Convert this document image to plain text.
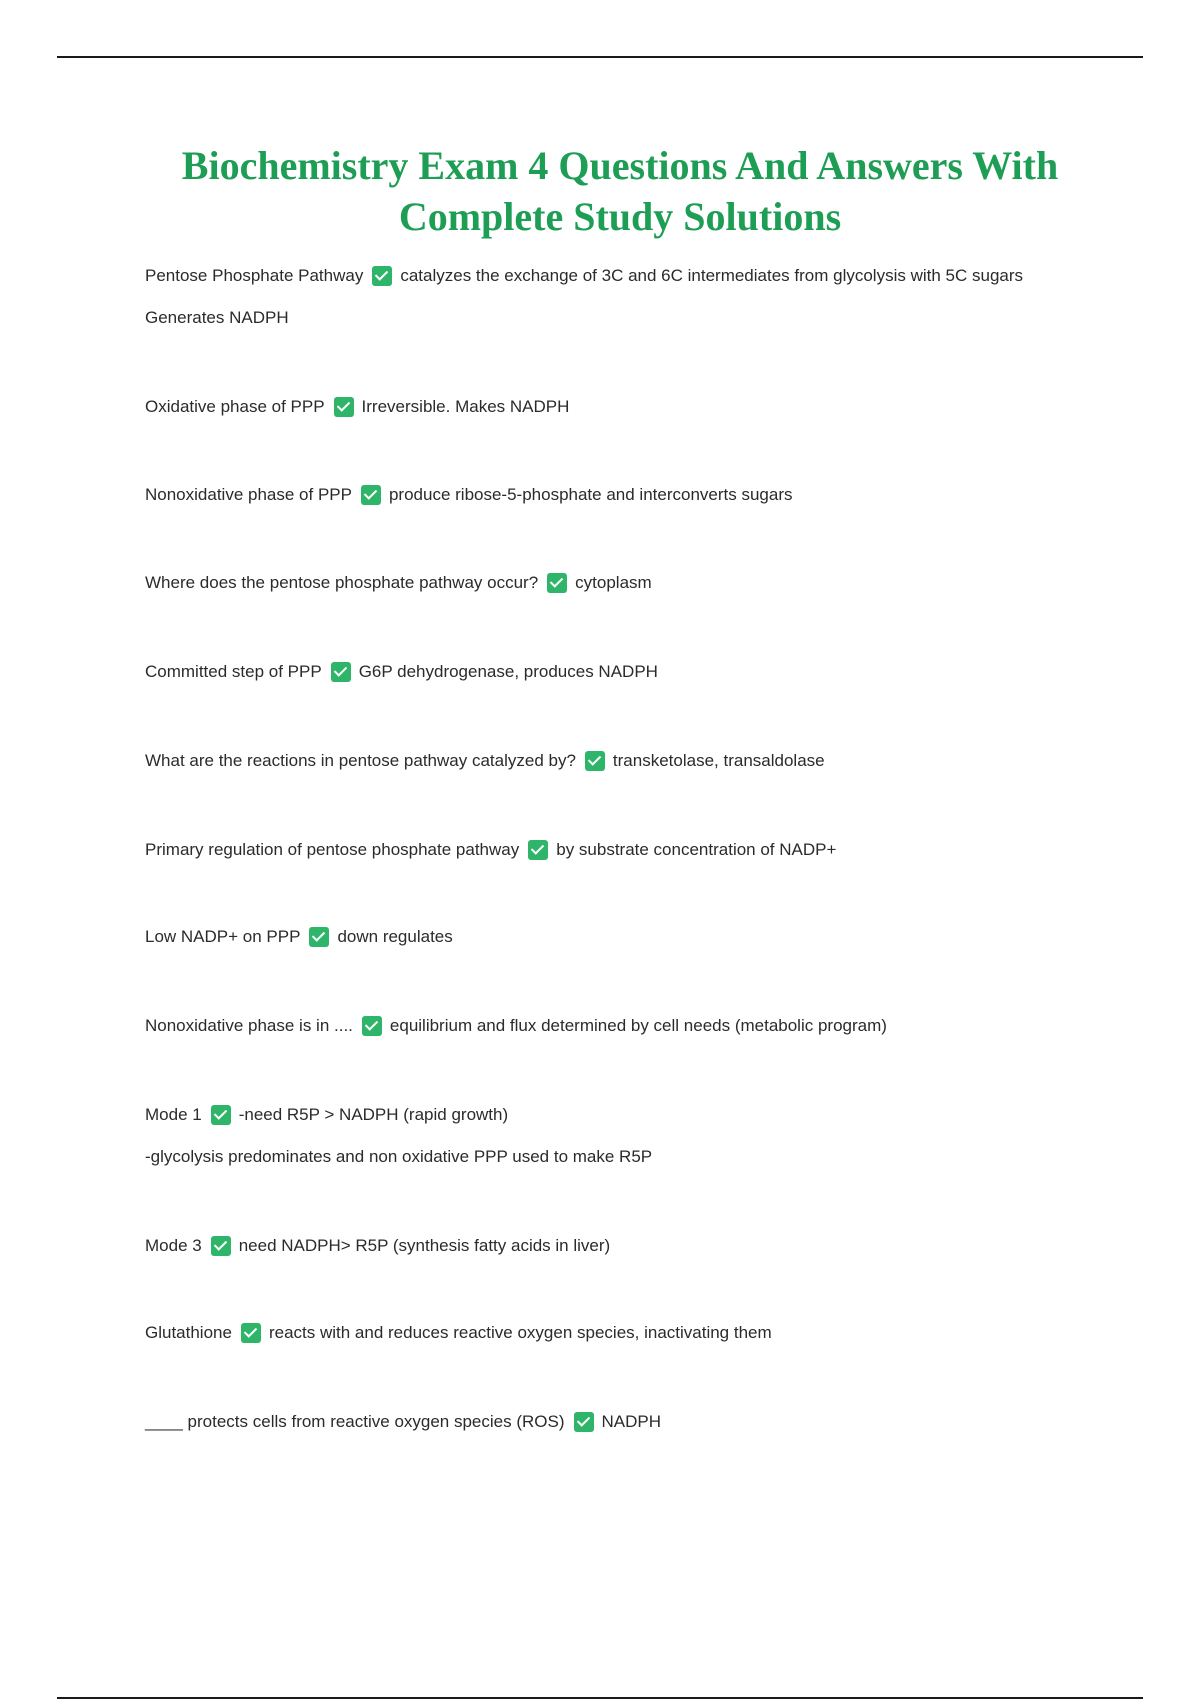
Biochemistry Exam 4 Questions And Answers With
Complete Study Solutions
Pentose Phosphate Pathway catalyzes the exchange of 3C and 6C intermediates from glycolysis with 5C sugars
Generates NADPH
Oxidative phase of PPP Irreversible. Makes NADPH
Nonoxidative phase of PPP produce ribose-5-phosphate and interconverts sugars
Where does the pentose phosphate pathway occur? cytoplasm
Committed step of PPP G6P dehydrogenase, produces NADPH
What are the reactions in pentose pathway catalyzed by? transketolase, transaldolase
Primary regulation of pentose phosphate pathway by substrate concentration of NADP+
Low NADP+ on PPP down regulates
Nonoxidative phase is in .... equilibrium and flux determined by cell needs (metabolic program)
Mode 1 -need R5P > NADPH (rapid growth)
-glycolysis predominates and non oxidative PPP used to make R5P
Mode 3 need NADPH> R5P (synthesis fatty acids in liver)
Glutathione reacts with and reduces reactive oxygen species, inactivating them
____ protects cells from reactive oxygen species (ROS) NADPH
